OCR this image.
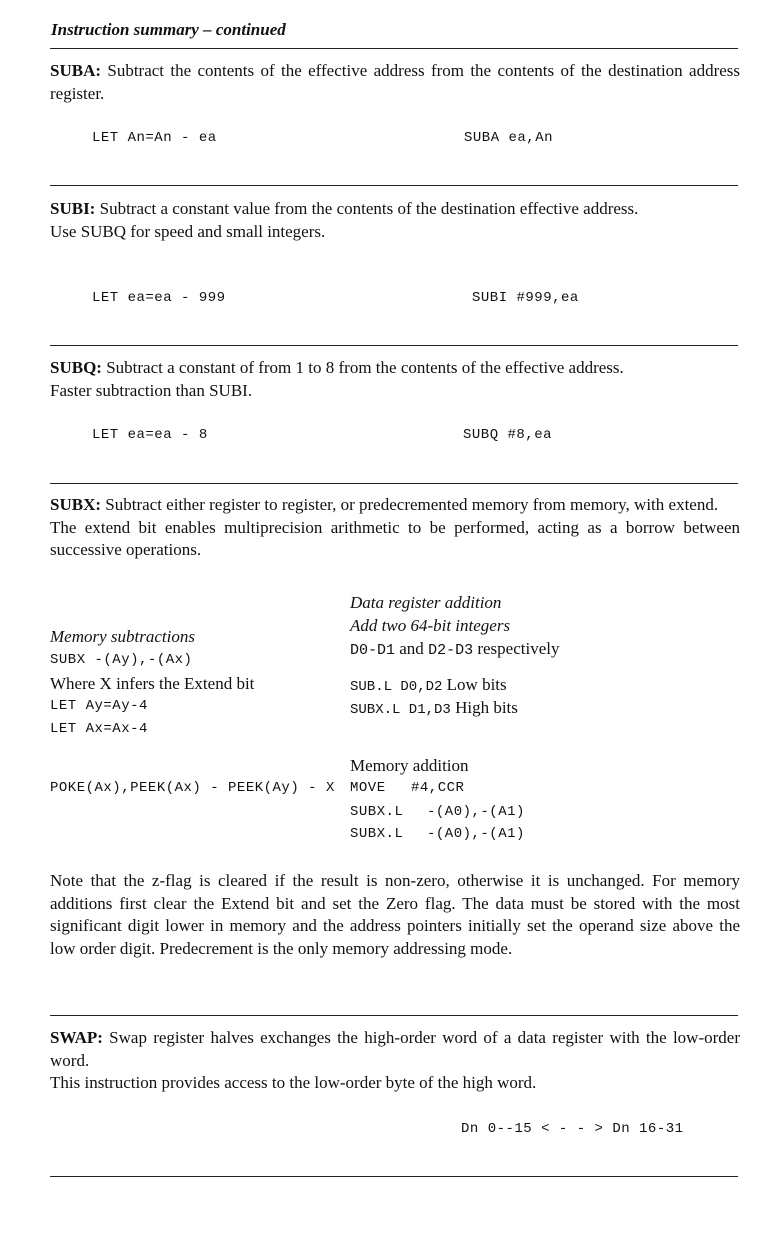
Instruction summary – continued
SUBA: Subtract the contents of the effective address from the contents of the destination address register.
LET An=An - ea	SUBA ea,An
SUBI: Subtract a constant value from the contents of the destination effective address.
Use SUBQ for speed and small integers.
LET ea=ea - 999	SUBI #999,ea
SUBQ: Subtract a constant of from 1 to 8 from the contents of the effective address.
Faster subtraction than SUBI.
LET ea=ea - 8	SUBQ #8,ea
SUBX: Subtract either register to register, or predecremented memory from memory, with extend.
The extend bit enables multiprecision arithmetic to be performed, acting as a borrow between successive operations.
Memory subtractions
SUBX -(Ay),-(Ax)
Where X infers the Extend bit
LET Ay=Ay-4
LET Ax=Ax-4
POKE(Ax),PEEK(Ax) - PEEK(Ay) - X
Data register addition
Add two 64-bit integers
D0-D1 and D2-D3 respectively
SUB.L D0,D2 Low bits
SUBX.L D1,D3 High bits
Memory addition
MOVE #4,CCR
SUBX.L -(A0),-(A1)
SUBX.L -(A0),-(A1)
Note that the z-flag is cleared if the result is non-zero, otherwise it is unchanged. For memory additions first clear the Extend bit and set the Zero flag. The data must be stored with the most significant digit lower in memory and the address pointers initially set the operand size above the low order digit. Predecrement is the only memory addressing mode.
SWAP: Swap register halves exchanges the high-order word of a data register with the low-order word.
This instruction provides access to the low-order byte of the high word.
Dn 0--15 < - - > Dn 16-31
